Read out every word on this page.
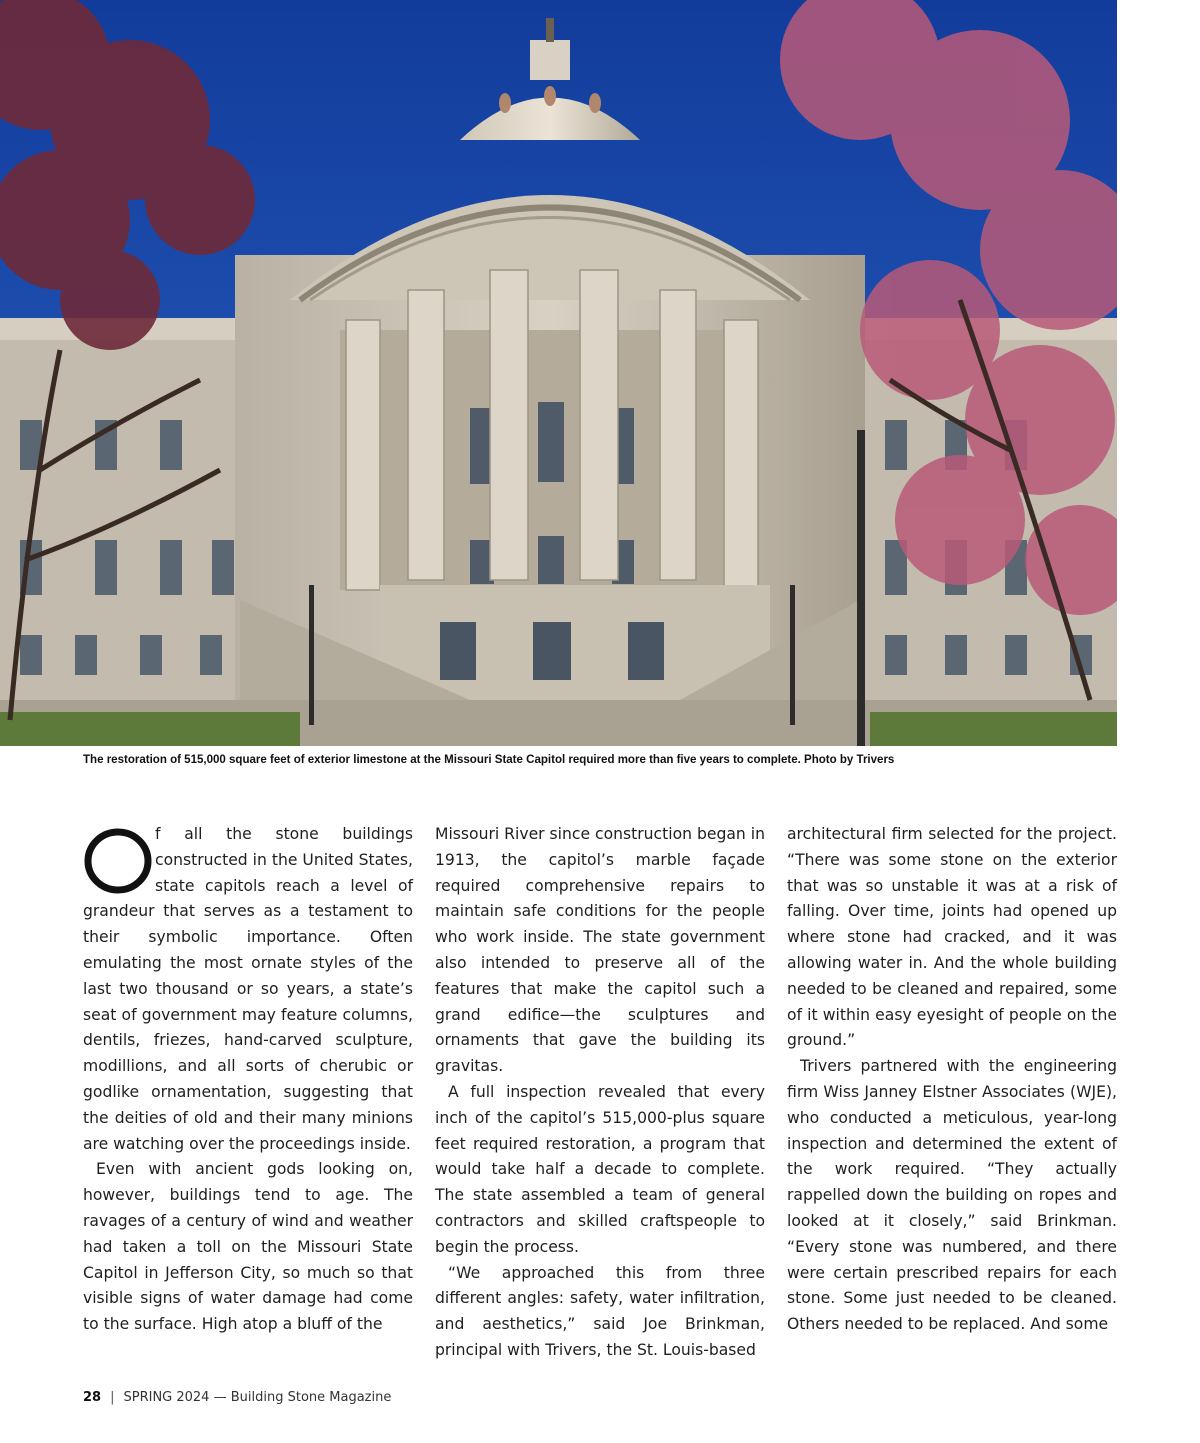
The restoration of 515,000 square feet of exterior limestone at the Missouri State Capitol required more than five years to complete. Photo by Trivers

f all the stone buildings constructed in the United States, state capitols reach a level of grandeur that serves as a testament to their symbolic importance. Often emulating the most ornate styles of the last two thousand or so years, a state’s seat of government may feature columns, dentils, friezes, hand-carved sculpture, modillions, and all sorts of cherubic or godlike ornamentation, suggesting that the deities of old and their many minions are watching over the proceedings inside.

Even with ancient gods looking on, however, buildings tend to age. The ravages of a century of wind and weather had taken a toll on the Missouri State Capitol in Jefferson City, so much so that visible signs of water damage had come to the surface. High atop a bluff of the

Missouri River since construction began in 1913, the capitol’s marble façade required comprehensive repairs to maintain safe conditions for the people who work inside. The state government also intended to preserve all of the features that make the capitol such a grand edifice—the sculptures and ornaments that gave the building its gravitas.

A full inspection revealed that every inch of the capitol’s 515,000-plus square feet required restoration, a program that would take half a decade to complete. The state assembled a team of general contractors and skilled craftspeople to begin the process.

“We approached this from three different angles: safety, water infiltration, and aesthetics,” said Joe Brinkman, principal with Trivers, the St. Louis-based

architectural firm selected for the project. “There was some stone on the exterior that was so unstable it was at a risk of falling. Over time, joints had opened up where stone had cracked, and it was allowing water in. And the whole building needed to be cleaned and repaired, some of it within easy eyesight of people on the ground.”

Trivers partnered with the engineering firm Wiss Janney Elstner Associates (WJE), who conducted a meticulous, year-long inspection and determined the extent of the work required. “They actually rappelled down the building on ropes and looked at it closely,” said Brinkman. “Every stone was numbered, and there were certain prescribed repairs for each stone. Some just needed to be cleaned. Others needed to be replaced. And some

28 | SPRING 2024 — Building Stone Magazine
